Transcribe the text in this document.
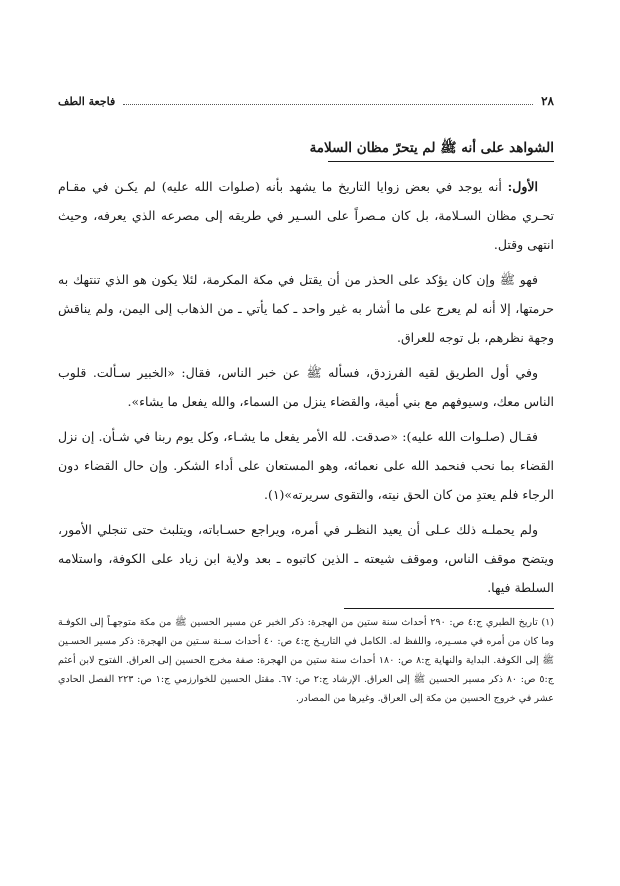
٢٨
فاجعة الطف
الشواهد على أنه ﷺ لم يتحرّ مظان السلامة

الأول: أنه يوجد في بعض زوايا التاريخ ما يشهد بأنه (صلوات الله عليه) لم يكـن في مقـام تحـري مظان السـلامة، بل كان مـصراً على السـير في طريقه إلى مصرعه الذي يعرفه، وحيث انتهى وقتل.

فهو ﷺ وإن كان يؤكد على الحذر من أن يقتل في مكة المكرمة، لئلا يكون هو الذي تنتهك به حرمتها، إلا أنه لم يعرج على ما أشار به غير واحد ـ كما يأتي ـ من الذهاب إلى اليمن، ولم يناقش وجهة نظرهم، بل توجه للعراق.

وفي أول الطريق لقيه الفرزدق، فسأله ﷺ عن خبر الناس، فقال: «الخبير سـألت. قلوب الناس معك، وسيوفهم مع بني أمية، والقضاء ينزل من السماء، والله يفعل ما يشاء».

فقـال (صلـوات الله عليه): «صدقت. لله الأمر يفعل ما يشـاء، وكل يوم ربنا في شـأن. إن نزل القضاء بما نحب فنحمد الله على نعمائه، وهو المستعان على أداء الشكر. وإن حال القضاء دون الرجاء فلم يعتدِ من كان الحق نيته، والتقوى سريرته»(١).

ولم يحملـه ذلك عـلى أن يعيد النظـر في أمره، ويراجع حسـاباته، ويتلبث حتى تنجلي الأمور، ويتضح موقف الناس، وموقف شيعته ـ الذين كاتبوه ـ بعد ولاية ابن زياد على الكوفة، واستلامه السلطة فيها.

(١) تاريخ الطبري ج:٤ ص: ٢٩٠ أحداث سنة ستين من الهجرة: ذكر الخبر عن مسير الحسين ﷺ من مكة متوجهـاً إلى الكوفـة وما كان من أمره في مسـيره، واللفظ له. الكامل في التاريـخ ج:٤ ص: ٤٠ أحداث سـنة سـتين من الهجرة: ذكر مسير الحسـين ﷺ إلى الكوفة. البداية والنهاية ج:٨ ص: ١٨٠ أحداث سنة ستين من الهجرة: صفة مخرج الحسين إلى العراق. الفتوح لابن أعثم ج:٥ ص: ٨٠ ذكر مسير الحسين ﷺ إلى العراق. الإرشاد ج:٢ ص: ٦٧. مقتل الحسين للخوارزمي ج:١ ص: ٢٢٣ الفصل الحادي عشر في خروج الحسين من مكة إلى العراق. وغيرها من المصادر.
